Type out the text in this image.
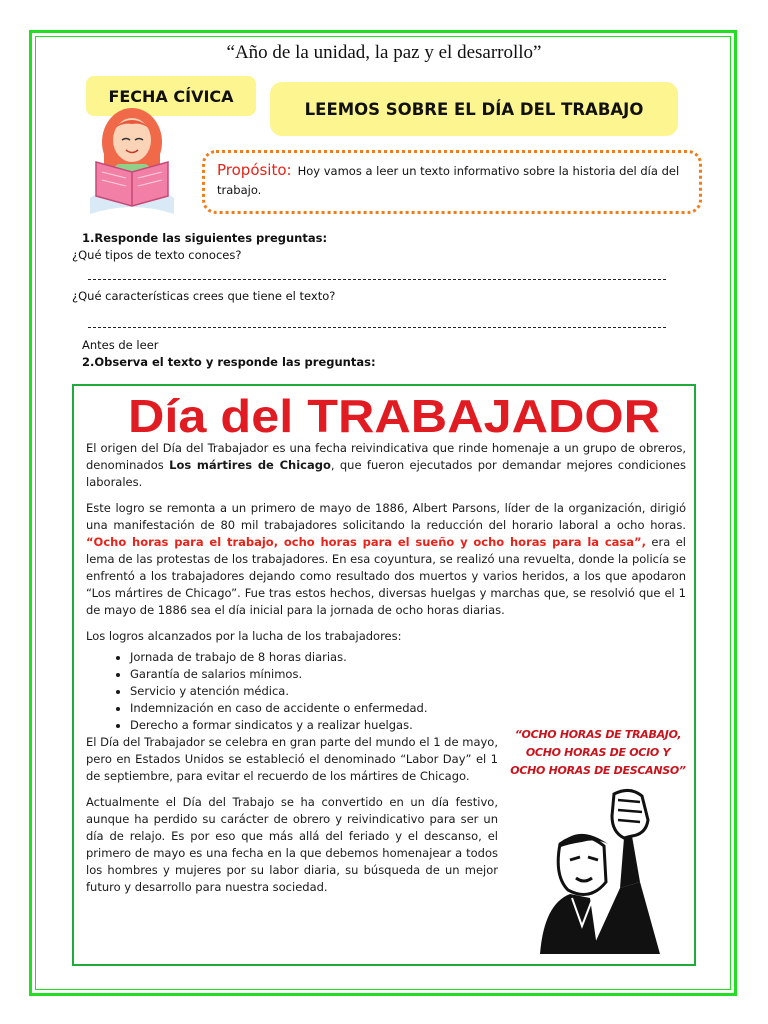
“Año de la unidad, la paz y el desarrollo”
FECHA CÍVICA
LEEMOS SOBRE EL DÍA DEL TRABAJO
Propósito: Hoy vamos a leer un texto informativo sobre la historia del día del trabajo.
1.Responde las siguientes preguntas:
¿Qué tipos de texto conoces?
¿Qué características crees que tiene el texto?
Antes de leer
2.Observa el texto y responde las preguntas:
Día del TRABAJADOR

El origen del Día del Trabajador es una fecha reivindicativa que rinde homenaje a un grupo de obreros, denominados Los mártires de Chicago, que fueron ejecutados por demandar mejores condiciones laborales.

Este logro se remonta a un primero de mayo de 1886, Albert Parsons, líder de la organización, dirigió una manifestación de 80 mil trabajadores solicitando la reducción del horario laboral a ocho horas. “Ocho horas para el trabajo, ocho horas para el sueño y ocho horas para la casa”, era el lema de las protestas de los trabajadores. En esa coyuntura, se realizó una revuelta, donde la policía se enfrentó a los trabajadores dejando como resultado dos muertos y varios heridos, a los que apodaron “Los mártires de Chicago”. Fue tras estos hechos, diversas huelgas y marchas que, se resolvió que el 1 de mayo de 1886 sea el día inicial para la jornada de ocho horas diarias.

Los logros alcanzados por la lucha de los trabajadores:

• Jornada de trabajo de 8 horas diarias.
• Garantía de salarios mínimos.
• Servicio y atención médica.
• Indemnización en caso de accidente o enfermedad.
• Derecho a formar sindicatos y a realizar huelgas.

El Día del Trabajador se celebra en gran parte del mundo el 1 de mayo, pero en Estados Unidos se estableció el denominado “Labor Day” el 1 de septiembre, para evitar el recuerdo de los mártires de Chicago.

Actualmente el Día del Trabajo se ha convertido en un día festivo, aunque ha perdido su carácter de obrero y reivindicativo para ser un día de relajo. Es por eso que más allá del feriado y el descanso, el primero de mayo es una fecha en la que debemos homenajear a todos los hombres y mujeres por su labor diaria, su búsqueda de un mejor futuro y desarrollo para nuestra sociedad.

“OCHO HORAS DE TRABAJO,
OCHO HORAS DE OCIO Y
OCHO HORAS DE DESCANSO”
